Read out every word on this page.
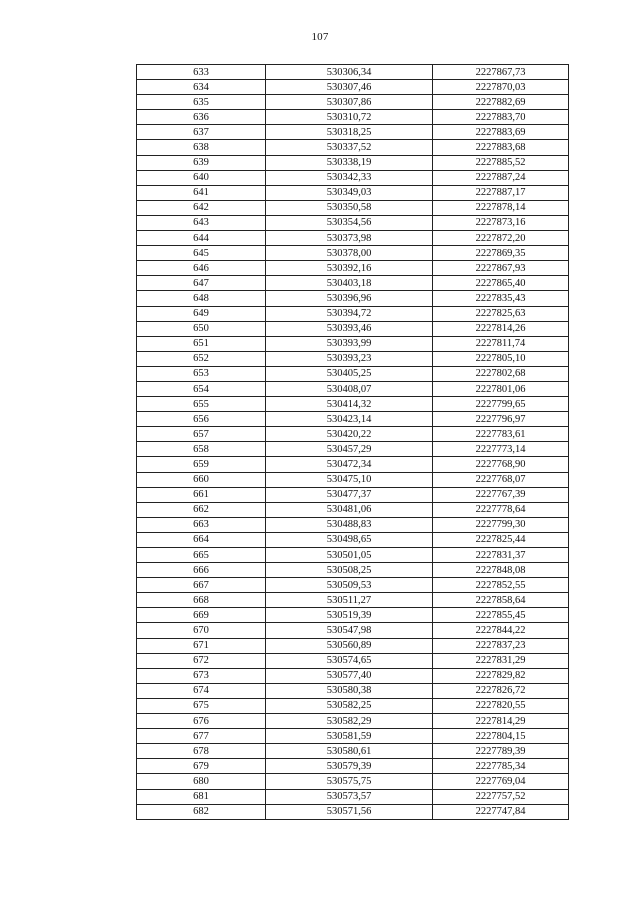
107
633	530306,34	2227867,73
634	530307,46	2227870,03
635	530307,86	2227882,69
636	530310,72	2227883,70
637	530318,25	2227883,69
638	530337,52	2227883,68
639	530338,19	2227885,52
640	530342,33	2227887,24
641	530349,03	2227887,17
642	530350,58	2227878,14
643	530354,56	2227873,16
644	530373,98	2227872,20
645	530378,00	2227869,35
646	530392,16	2227867,93
647	530403,18	2227865,40
648	530396,96	2227835,43
649	530394,72	2227825,63
650	530393,46	2227814,26
651	530393,99	2227811,74
652	530393,23	2227805,10
653	530405,25	2227802,68
654	530408,07	2227801,06
655	530414,32	2227799,65
656	530423,14	2227796,97
657	530420,22	2227783,61
658	530457,29	2227773,14
659	530472,34	2227768,90
660	530475,10	2227768,07
661	530477,37	2227767,39
662	530481,06	2227778,64
663	530488,83	2227799,30
664	530498,65	2227825,44
665	530501,05	2227831,37
666	530508,25	2227848,08
667	530509,53	2227852,55
668	530511,27	2227858,64
669	530519,39	2227855,45
670	530547,98	2227844,22
671	530560,89	2227837,23
672	530574,65	2227831,29
673	530577,40	2227829,82
674	530580,38	2227826,72
675	530582,25	2227820,55
676	530582,29	2227814,29
677	530581,59	2227804,15
678	530580,61	2227789,39
679	530579,39	2227785,34
680	530575,75	2227769,04
681	530573,57	2227757,52
682	530571,56	2227747,84
